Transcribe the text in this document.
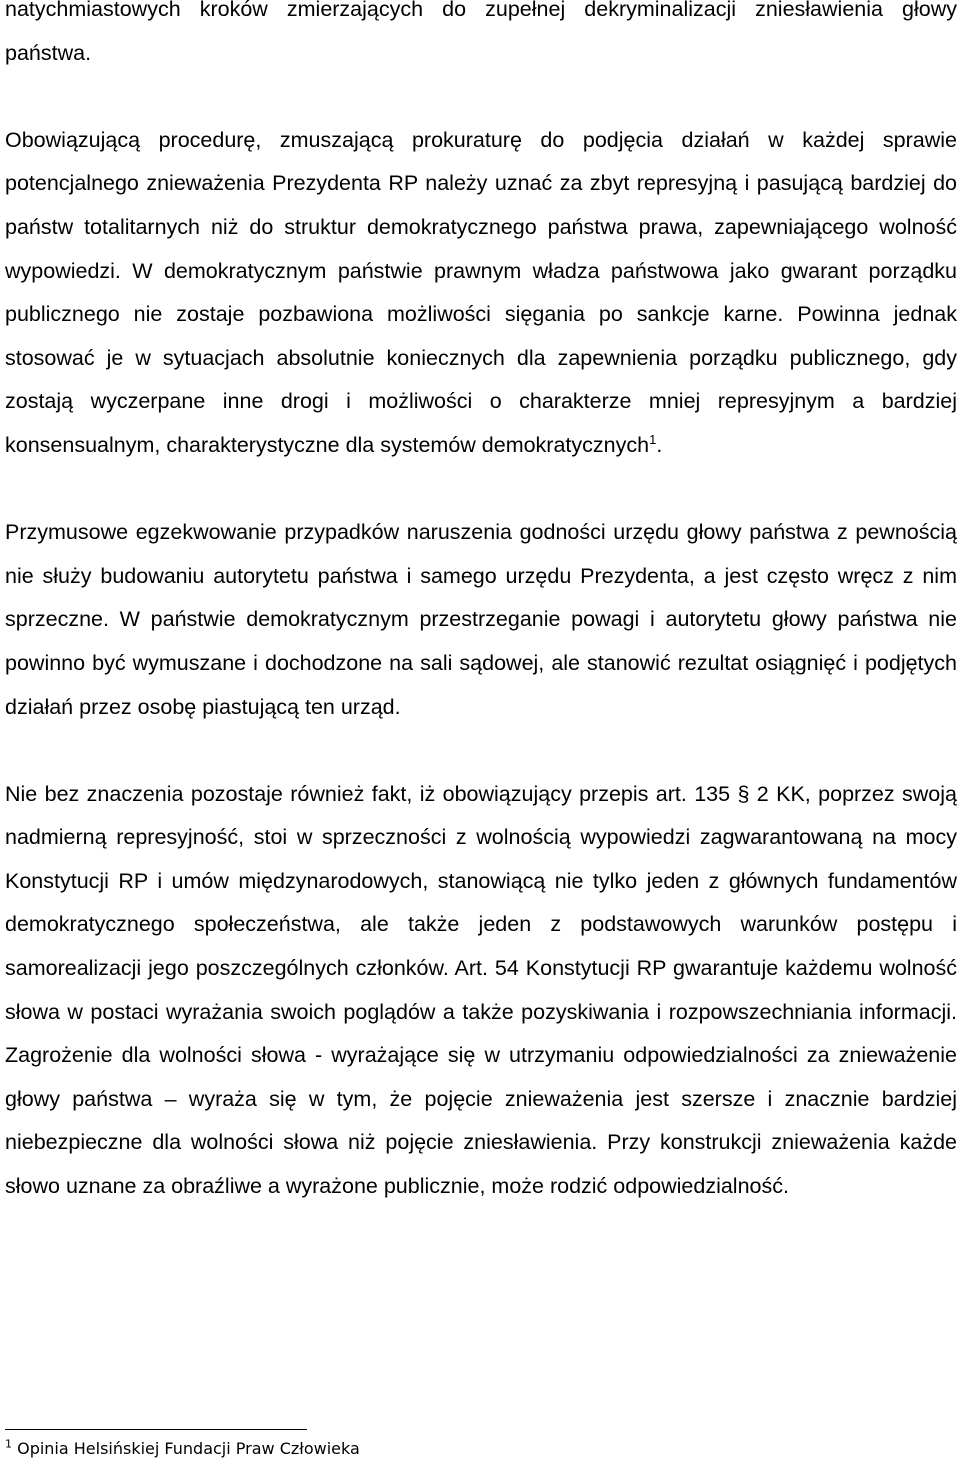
natychmiastowych kroków zmierzających do zupełnej dekryminalizacji zniesławienia głowy państwa.

Obowiązującą procedurę, zmuszającą prokuraturę do podjęcia działań w każdej sprawie potencjalnego znieważenia Prezydenta RP należy uznać za zbyt represyjną i pasującą bardziej do państw totalitarnych niż do struktur demokratycznego państwa prawa, zapewniającego wolność wypowiedzi. W demokratycznym państwie prawnym władza państwowa jako gwarant porządku publicznego nie zostaje pozbawiona możliwości sięgania po sankcje karne. Powinna jednak stosować je w sytuacjach absolutnie koniecznych dla zapewnienia porządku publicznego, gdy zostają wyczerpane inne drogi i możliwości o charakterze mniej represyjnym a bardziej konsensualnym, charakterystyczne dla systemów demokratycznych$^1$.

Przymusowe egzekwowanie przypadków naruszenia godności urzędu głowy państwa z pewnością nie służy budowaniu autorytetu państwa i samego urzędu Prezydenta, a jest często wręcz z nim sprzeczne. W państwie demokratycznym przestrzeganie powagi i autorytetu głowy państwa nie powinno być wymuszane i dochodzone na sali sądowej, ale stanowić rezultat osiągnięć i podjętych działań przez osobę piastującą ten urząd.

Nie bez znaczenia pozostaje również fakt, iż obowiązujący przepis art. 135 § 2 KK, poprzez swoją nadmierną represyjność, stoi w sprzeczności z wolnością wypowiedzi zagwarantowaną na mocy Konstytucji RP i umów międzynarodowych, stanowiącą nie tylko jeden z głównych fundamentów demokratycznego społeczeństwa, ale także jeden z podstawowych warunków postępu i samorealizacji jego poszczególnych członków. Art. 54 Konstytucji RP gwarantuje każdemu wolność słowa w postaci wyrażania swoich poglądów a także pozyskiwania i rozpowszechniania informacji. Zagrożenie dla wolności słowa - wyrażające się w utrzymaniu odpowiedzialności za znieważenie głowy państwa – wyraża się w tym, że pojęcie znieważenia jest szersze i znacznie bardziej niebezpieczne dla wolności słowa niż pojęcie zniesławienia. Przy konstrukcji znieważenia każde słowo uznane za obraźliwe a wyrażone publicznie, może rodzić odpowiedzialność.

$^1$ Opinia Helsińskiej Fundacji Praw Człowieka
